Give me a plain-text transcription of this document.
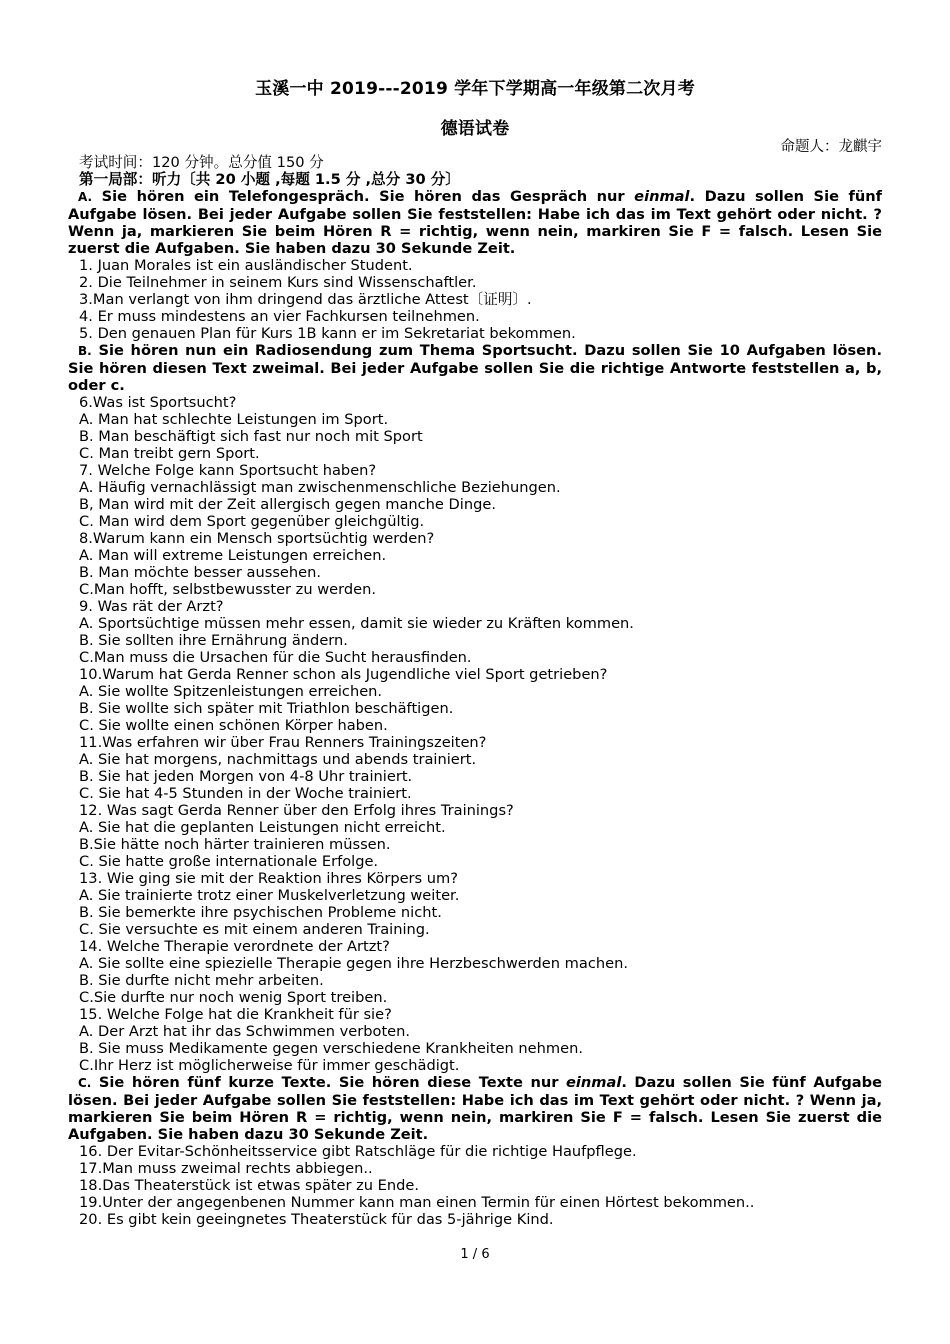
玉溪一中 2019---2019 学年下学期高一年级第二次月考
德语试卷
命题人：龙麒宇
考试时间：120 分钟。总分值 150 分
第一局部：听力〔共 20 小题 ,每题 1.5 分 ,总分 30 分〕
A. Sie hören ein Telefongespräch. Sie hören das Gespräch nur einmal. Dazu sollen Sie fünf Aufgabe lösen. Bei jeder Aufgabe sollen Sie feststellen: Habe ich das im Text gehört oder nicht. ? Wenn ja, markieren Sie beim Hören R = richtig, wenn nein, markiren Sie F = falsch. Lesen Sie zuerst die Aufgaben. Sie haben dazu 30 Sekunde Zeit.
1. Juan Morales ist ein ausländischer Student.
2. Die Teilnehmer in seinem Kurs sind Wissenschaftler.
3.Man verlangt von ihm dringend das ärztliche Attest〔证明〕.
4. Er muss mindestens an vier Fachkursen teilnehmen.
5. Den genauen Plan für Kurs 1B kann er im Sekretariat bekommen.
B. Sie hören nun ein Radiosendung zum Thema Sportsucht. Dazu sollen Sie 10 Aufgaben lösen. Sie hören diesen Text zweimal. Bei jeder Aufgabe sollen Sie die richtige Antworte feststellen a, b, oder c.
6.Was ist Sportsucht?
A. Man hat schlechte Leistungen im Sport.
B. Man beschäftigt sich fast nur noch mit Sport
C. Man treibt gern Sport.
7. Welche Folge kann Sportsucht haben?
A. Häufig vernachlässigt man zwischenmenschliche Beziehungen.
B, Man wird mit der Zeit allergisch gegen manche Dinge.
C. Man wird dem Sport gegenüber gleichgültig.
8.Warum kann ein Mensch sportsüchtig werden?
A. Man will extreme Leistungen erreichen.
B. Man möchte besser aussehen.
C.Man hofft, selbstbewusster zu werden.
9. Was rät der Arzt?
A. Sportsüchtige müssen mehr essen, damit sie wieder zu Kräften kommen.
B. Sie sollten ihre Ernährung ändern.
C.Man muss die Ursachen für die Sucht herausfinden.
10.Warum hat Gerda Renner schon als Jugendliche viel Sport getrieben?
A. Sie wollte Spitzenleistungen erreichen.
B. Sie wollte sich später mit Triathlon beschäftigen.
C. Sie wollte einen schönen Körper haben.
11.Was erfahren wir über Frau Renners Trainingszeiten?
A. Sie hat morgens, nachmittags und abends trainiert.
B. Sie hat jeden Morgen von 4-8 Uhr trainiert.
C. Sie hat 4-5 Stunden in der Woche trainiert.
12. Was sagt Gerda Renner über den Erfolg ihres Trainings?
A. Sie hat die geplanten Leistungen nicht erreicht.
B.Sie hätte noch härter trainieren müssen.
C. Sie hatte große internationale Erfolge.
13. Wie ging sie mit der Reaktion ihres Körpers um?
A. Sie trainierte trotz einer Muskelverletzung weiter.
B. Sie bemerkte ihre psychischen Probleme nicht.
C. Sie versuchte es mit einem anderen Training.
14. Welche Therapie verordnete der Artzt?
A. Sie sollte eine spiezielle Therapie gegen ihre Herzbeschwerden machen.
B. Sie durfte nicht mehr arbeiten.
C.Sie durfte nur noch wenig Sport treiben.
15. Welche Folge hat die Krankheit für sie?
A. Der Arzt hat ihr das Schwimmen verboten.
B. Sie muss Medikamente gegen verschiedene Krankheiten nehmen.
C.Ihr Herz ist möglicherweise für immer geschädigt.
C. Sie hören fünf kurze Texte. Sie hören diese Texte nur einmal. Dazu sollen Sie fünf Aufgabe lösen. Bei jeder Aufgabe sollen Sie feststellen: Habe ich das im Text gehört oder nicht. ? Wenn ja, markieren Sie beim Hören R = richtig, wenn nein, markiren Sie F = falsch. Lesen Sie zuerst die Aufgaben. Sie haben dazu 30 Sekunde Zeit.
16. Der Evitar-Schönheitsservice gibt Ratschläge für die richtige Haufpflege.
17.Man muss zweimal rechts abbiegen..
18.Das Theaterstück ist etwas später zu Ende.
19.Unter der angegenbenen Nummer kann man einen Termin für einen Hörtest bekommen..
20. Es gibt kein geeingnetes Theaterstück für das 5-jährige Kind.
1 / 6
